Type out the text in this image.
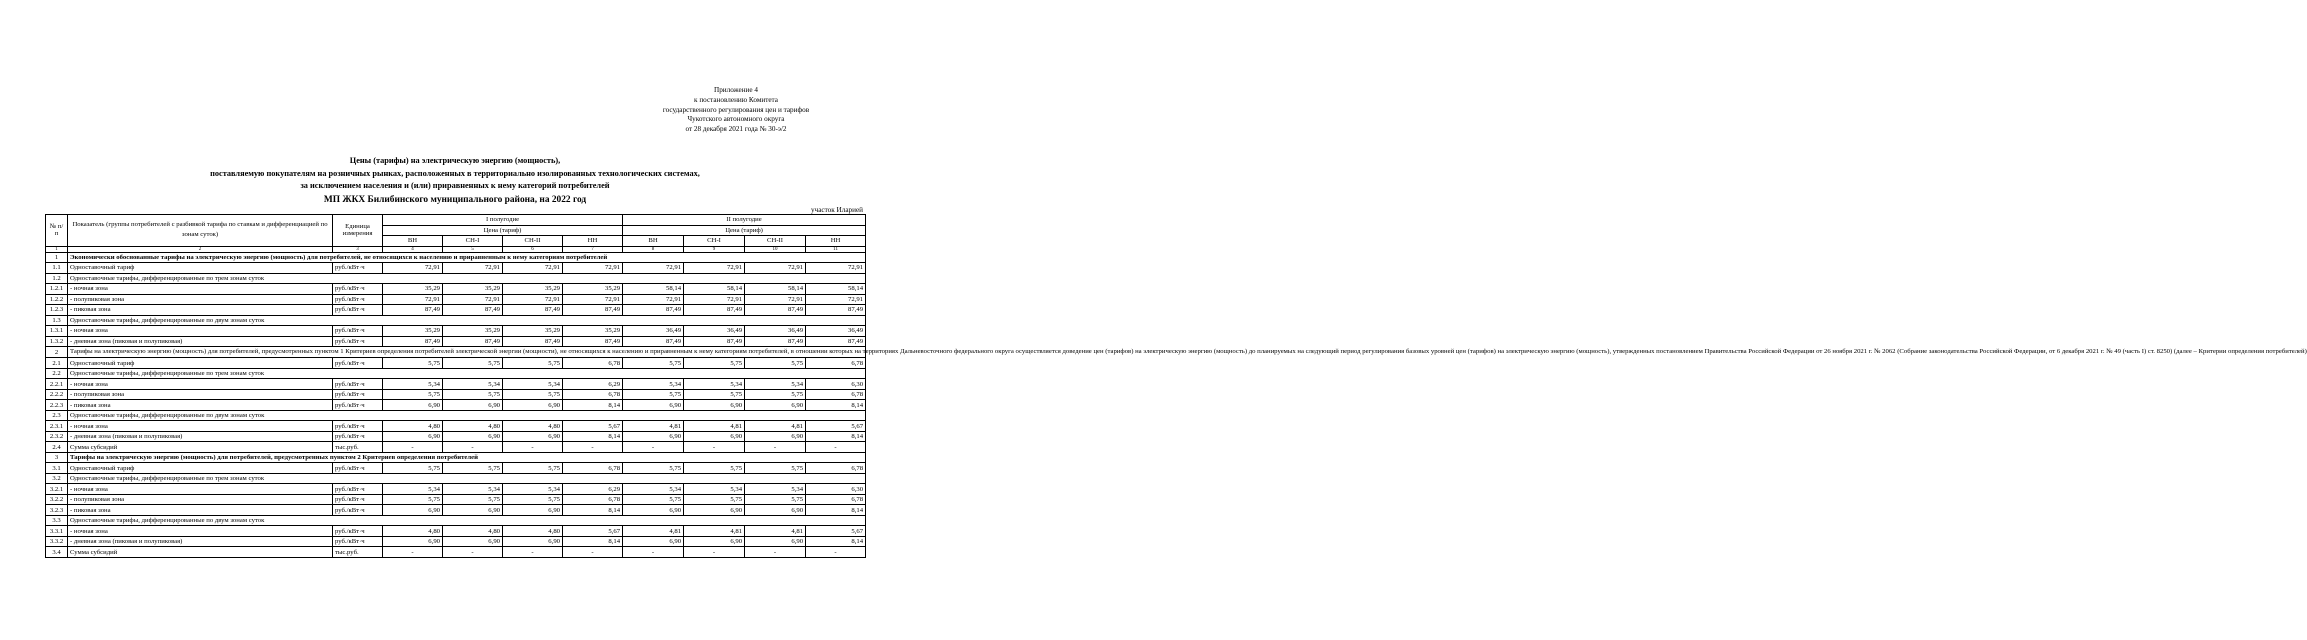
Приложение 4
к постановлению Комитета
государственного регулирования цен и тарифов
Чукотского автономного округа
от 28 декабря 2021 года № 30-э/2
Цены (тарифы) на электрическую энергию (мощность),
поставляемую покупателям на розничных рынках, расположенных в территориально изолированных технологических системах,
за исключением населения и (или) приравненных к нему категорий потребителей
МП ЖКХ Билибинского муниципального района, на 2022 год
участок Иларией
№ п/п	Показатель (группы потребителей с разбивкой тарифа по ставкам и дифференциацией по зонам суток)	Единица измерения	I полугодие				II полугодие			
			Цена (тариф)				Цена (тариф)			
			ВН	СН-I	СН-II	НН	ВН	СН-I	СН-II	НН
1	2	3	4	5	6	7	8	9	10	11
1	Экономически обоснованные тарифы на электрическую энергию (мощность) для потребителей, не относящихся к населению и приравненным к нему категориям потребителей									
1.1	Одноставочный тариф	руб./кВт·ч	72,91	72,91	72,91	72,91	72,91	72,91	72,91	72,91
1.2	Одноставочные тарифы, дифференцированные по трем зонам суток									
1.2.1	- ночная зона	руб./кВт·ч	35,29	35,29	35,29	35,29	58,14	58,14	58,14	58,14
1.2.2	- полупиковая зона	руб./кВт·ч	72,91	72,91	72,91	72,91	72,91	72,91	72,91	72,91
1.2.3	- пиковая зона	руб./кВт·ч	87,49	87,49	87,49	87,49	87,49	87,49	87,49	87,49
1.3	Одноставочные тарифы, дифференцированные по двум зонам суток									
1.3.1	- ночная зона	руб./кВт·ч	35,29	35,29	35,29	35,29	36,49	36,49	36,49	36,49
1.3.2	- дневная зона (пиковая и полупиковая)	руб./кВт·ч	87,49	87,49	87,49	87,49	87,49	87,49	87,49	87,49
2	Тарифы на электрическую энергию (мощность) для потребителей, предусмотренных пунктом 1 Критериев определения потребителей электрической энергии (мощности), не относящихся к населению и приравненным к нему категориям потребителей, в отношении которых на территориях Дальневосточного федерального округа осуществляется доведение цен (тарифов) на электрическую энергию (мощность) до планируемых на следующий период регулирования базовых уровней цен (тарифов) на электрическую энергию (мощность), утвержденных постановлением Правительства Российской Федерации от 26 ноября 2021 г. № 2062 (Собрание законодательства Российской Федерации, от 6 декабря 2021 г. № 49 (часть I) ст. 8250) (далее – Критерии определения потребителей)									
2.1	Одноставочный тариф	руб./кВт·ч	5,75	5,75	5,75	6,78	5,75	5,75	5,75	6,78
2.2	Одноставочные тарифы, дифференцированные по трем зонам суток									
2.2.1	- ночная зона	руб./кВт·ч	5,34	5,34	5,34	6,29	5,34	5,34	5,34	6,30
2.2.2	- полупиковая зона	руб./кВт·ч	5,75	5,75	5,75	6,78	5,75	5,75	5,75	6,78
2.2.3	- пиковая зона	руб./кВт·ч	6,90	6,90	6,90	8,14	6,90	6,90	6,90	8,14
2.3	Одноставочные тарифы, дифференцированные по двум зонам суток									
2.3.1	- ночная зона	руб./кВт·ч	4,80	4,80	4,80	5,67	4,81	4,81	4,81	5,67
2.3.2	- дневная зона (пиковая и полупиковая)	руб./кВт·ч	6,90	6,90	6,90	8,14	6,90	6,90	6,90	8,14
2.4	Сумма субсидий	тыс.руб.	-	-	-	-	-	-	-	-
3	Тарифы на электрическую энергию (мощность) для потребителей, предусмотренных пунктом 2 Критериев определения потребителей									
3.1	Одноставочный тариф	руб./кВт·ч	5,75	5,75	5,75	6,78	5,75	5,75	5,75	6,78
3.2	Одноставочные тарифы, дифференцированные по трем зонам суток									
3.2.1	- ночная зона	руб./кВт·ч	5,34	5,34	5,34	6,29	5,34	5,34	5,34	6,30
3.2.2	- полупиковая зона	руб./кВт·ч	5,75	5,75	5,75	6,78	5,75	5,75	5,75	6,78
3.2.3	- пиковая зона	руб./кВт·ч	6,90	6,90	6,90	8,14	6,90	6,90	6,90	8,14
3.3	Одноставочные тарифы, дифференцированные по двум зонам суток									
3.3.1	- ночная зона	руб./кВт·ч	4,80	4,80	4,80	5,67	4,81	4,81	4,81	5,67
3.3.2	- дневная зона (пиковая и полупиковая)	руб./кВт·ч	6,90	6,90	6,90	8,14	6,90	6,90	6,90	8,14
3.4	Сумма субсидий	тыс.руб.	-	-	-	-	-	-	-	-
